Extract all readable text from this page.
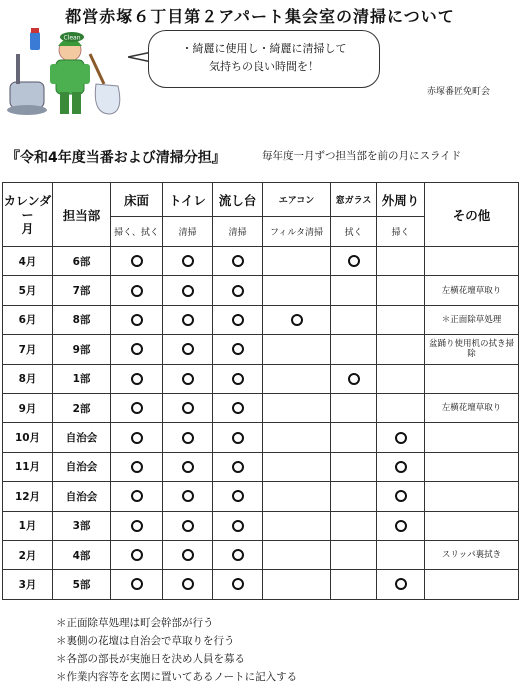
都営赤塚６丁目第２アパート集会室の清掃について
Clean
・綺麗に使用し・綺麗に清掃して
気持ちの良い時間を！
赤塚番匠免町会
『令和4年度当番および清掃分担』	毎年度一月ずつ担当部を前の月にスライド
カレンダー
月	担当部	床面	トイレ	流し台	エアコン	窓ガラス	外周り	その他
		掃く、拭く	清掃	清掃	フィルタ清掃	拭く	掃く	
4月	6部							
5月	7部							左横花壇草取り
6月	8部							＊正面除草処理
7月	9部							盆踊り使用机の拭き掃除
8月	1部							
9月	2部							左横花壇草取り
10月	自治会							
11月	自治会							
12月	自治会							
1月	3部							
2月	4部							スリッパ裏拭き
3月	5部							
＊正面除草処理は町会幹部が行う
＊裏側の花壇は自治会で草取りを行う
＊各部の部長が実施日を決め人員を募る
＊作業内容等を玄関に置いてあるノートに記入する
